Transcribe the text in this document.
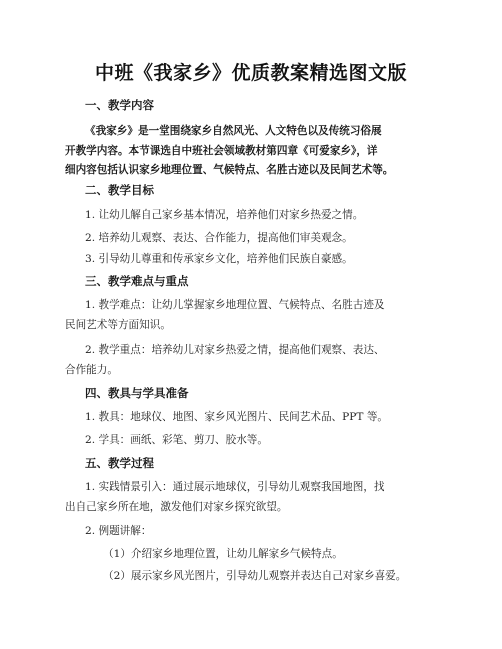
中班《我家乡》优质教案精选图文版
一、教学内容
《我家乡》是一堂围绕家乡自然风光、人文特色以及传统习俗展
开教学内容。本节课选自中班社会领域教材第四章《可爱家乡》，详
细内容包括认识家乡地理位置、气候特点、名胜古迹以及民间艺术等。
二、教学目标
1. 让幼儿解自己家乡基本情况，培养他们对家乡热爱之情。
2. 培养幼儿观察、表达、合作能力，提高他们审美观念。
3. 引导幼儿尊重和传承家乡文化，培养他们民族自豪感。
三、教学难点与重点
1. 教学难点：让幼儿掌握家乡地理位置、气候特点、名胜古迹及
民间艺术等方面知识。
2. 教学重点：培养幼儿对家乡热爱之情，提高他们观察、表达、
合作能力。
四、教具与学具准备
1. 教具：地球仪、地图、家乡风光图片、民间艺术品、PPT 等。
2. 学具：画纸、彩笔、剪刀、胶水等。
五、教学过程
1. 实践情景引入：通过展示地球仪，引导幼儿观察我国地图，找
出自己家乡所在地，激发他们对家乡探究欲望。
2. 例题讲解：
（1）介绍家乡地理位置，让幼儿解家乡气候特点。
（2）展示家乡风光图片，引导幼儿观察并表达自己对家乡喜爱。
